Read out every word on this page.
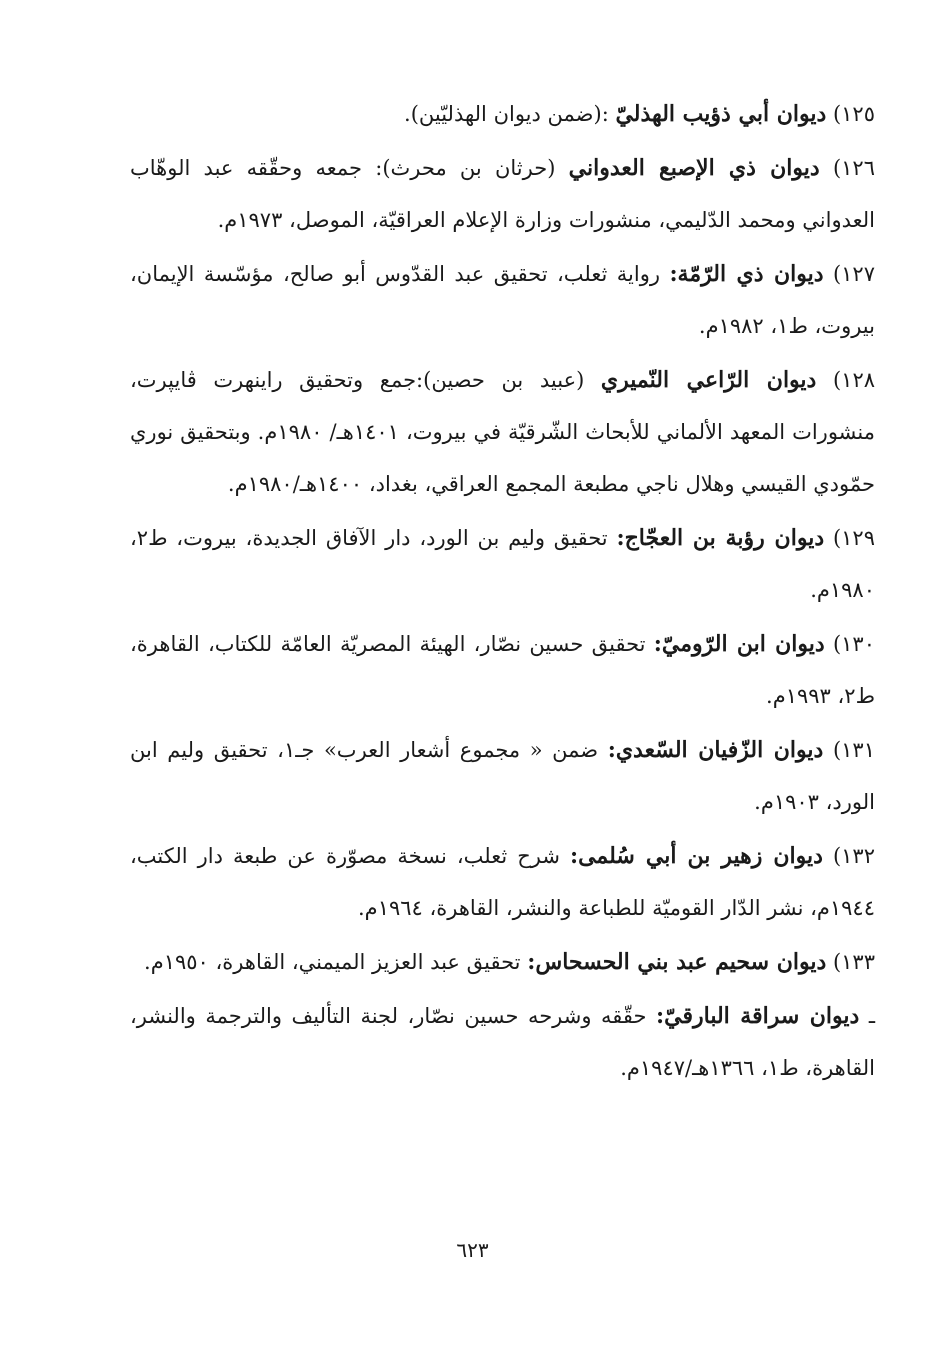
١٢٥) ديوان أبي ذؤيب الهذليّ :(ضمن ديوان الهذليّين).

١٢٦) ديوان ذي الإصبع العدواني (حرثان بن محرث): جمعه وحقّقه عبد الوهّاب العدواني ومحمد الدّليمي، منشورات وزارة الإعلام العراقيّة، الموصل، ١٩٧٣م.

١٢٧) ديوان ذي الرّمّة: رواية ثعلب، تحقيق عبد القدّوس أبو صالح، مؤسّسة الإيمان، بيروت، ط١، ١٩٨٢م.

١٢٨) ديوان الرّاعي النّميري (عبيد بن حصين):جمع وتحقيق راينهرت ڤايپرت، منشورات المعهد الألماني للأبحاث الشّرقيّة في بيروت، ١٤٠١هـ/ ١٩٨٠م. وبتحقيق نوري حمّودي القيسي وهلال ناجي مطبعة المجمع العراقي، بغداد، ١٤٠٠هـ/١٩٨٠م.

١٢٩) ديوان رؤبة بن العجّاج: تحقيق وليم بن الورد، دار الآفاق الجديدة، بيروت، ط٢، ١٩٨٠م.

١٣٠) ديوان ابن الرّوميّ: تحقيق حسين نصّار، الهيئة المصريّة العامّة للكتاب، القاهرة، ط٢، ١٩٩٣م.

١٣١) ديوان الزّفيان السّعدي: ضمن « مجموع أشعار العرب» جـ١، تحقيق وليم ابن الورد، ١٩٠٣م.

١٣٢) ديوان زهير بن أبي سُلمى: شرح ثعلب، نسخة مصوّرة عن طبعة دار الكتب، ١٩٤٤م، نشر الدّار القوميّة للطباعة والنشر، القاهرة، ١٩٦٤م.

١٣٣) ديوان سحيم عبد بني الحسحاس: تحقيق عبد العزيز الميمني، القاهرة، ١٩٥٠م.

ـ ديوان سراقة البارقيّ: حقّقه وشرحه حسين نصّار، لجنة التأليف والترجمة والنشر، القاهرة، ط١، ١٣٦٦هـ/١٩٤٧م.

٦٢٣
